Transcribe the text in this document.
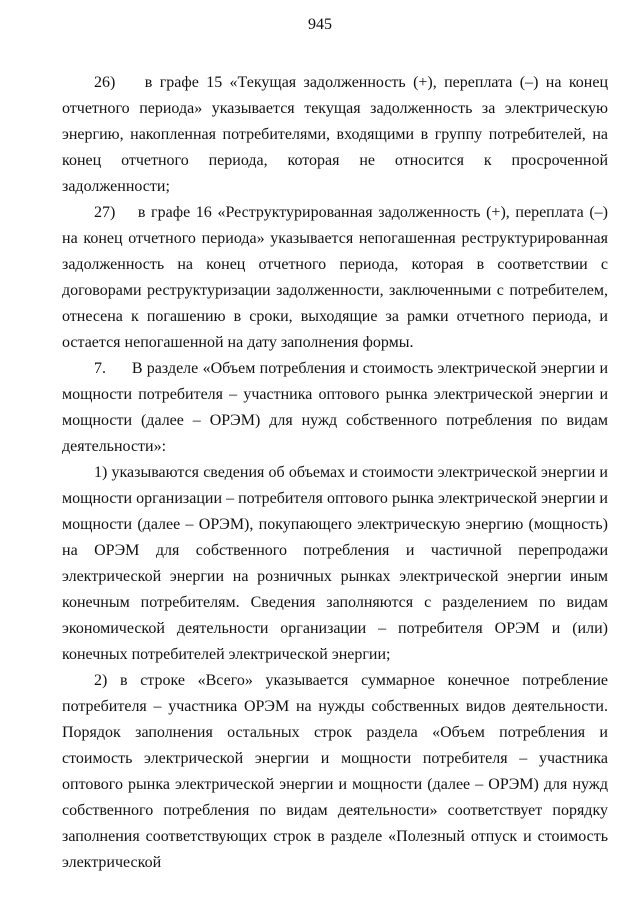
945

26)    в графе 15 «Текущая задолженность (+), переплата (–) на конец отчетного периода» указывается текущая задолженность за электрическую энергию, накопленная потребителями, входящими в группу потребителей, на конец отчетного периода, которая не относится к просроченной задолженности;

27)    в графе 16 «Реструктурированная задолженность (+), переплата (–) на конец отчетного периода» указывается непогашенная реструктурированная задолженность на конец отчетного периода, которая в соответствии с договорами реструктуризации задолженности, заключенными с потребителем, отнесена к погашению в сроки, выходящие за рамки отчетного периода, и остается непогашенной на дату заполнения формы.

7.      В разделе «Объем потребления и стоимость электрической энергии и мощности потребителя – участника оптового рынка электрической энергии и мощности (далее – ОРЭМ) для нужд собственного потребления по видам деятельности»:

1) указываются сведения об объемах и стоимости электрической энергии и мощности организации – потребителя оптового рынка электрической энергии и мощности (далее – ОРЭМ), покупающего электрическую энергию (мощность) на ОРЭМ для собственного потребления и частичной перепродажи электрической энергии на розничных рынках электрической энергии иным конечным потребителям. Сведения заполняются с разделением по видам экономической деятельности организации – потребителя ОРЭМ и (или) конечных потребителей электрической энергии;

2) в строке «Всего» указывается суммарное конечное потребление потребителя – участника ОРЭМ на нужды собственных видов деятельности. Порядок заполнения остальных строк раздела «Объем потребления и стоимость электрической энергии и мощности потребителя – участника оптового рынка электрической энергии и мощности (далее – ОРЭМ) для нужд собственного потребления по видам деятельности» соответствует порядку заполнения соответствующих строк в разделе «Полезный отпуск и стоимость электрической
